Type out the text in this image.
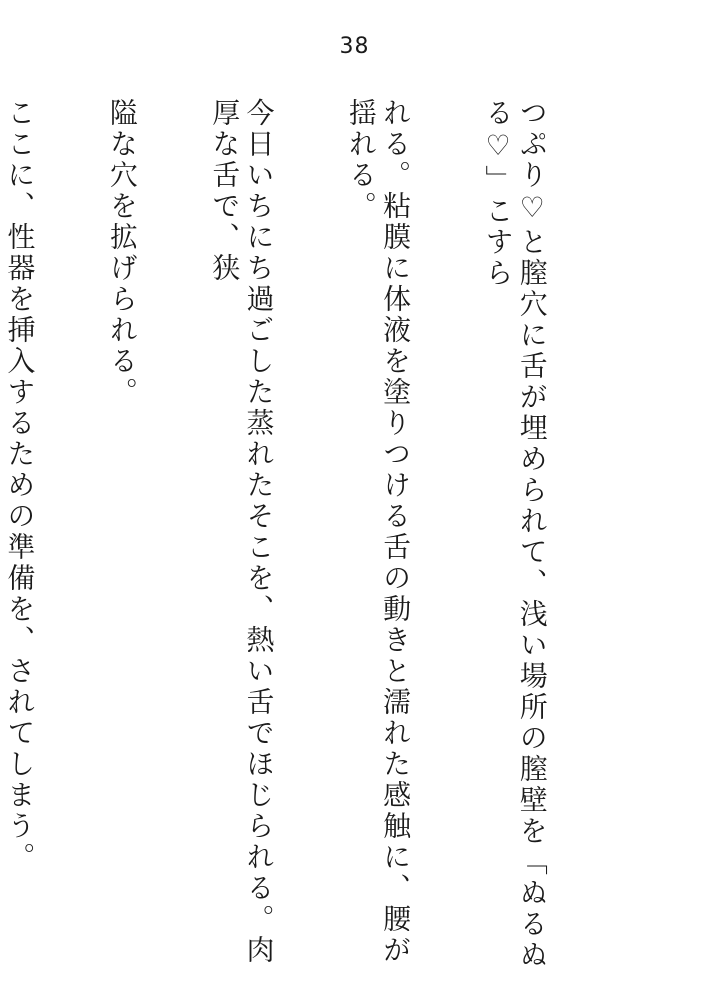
38

つぷり♡と膣穴に舌が埋められて、浅い場所の膣壁を「ぬるぬる♡」こすら

れる。粘膜に体液を塗りつける舌の動きと濡れた感触に、腰が揺れる。

今日いちにち過ごした蒸れたそこを、熱い舌でほじられる。肉厚な舌で、狭

隘な穴を拡げられる。

ここに、性器を挿入するための準備を、されてしまう。
